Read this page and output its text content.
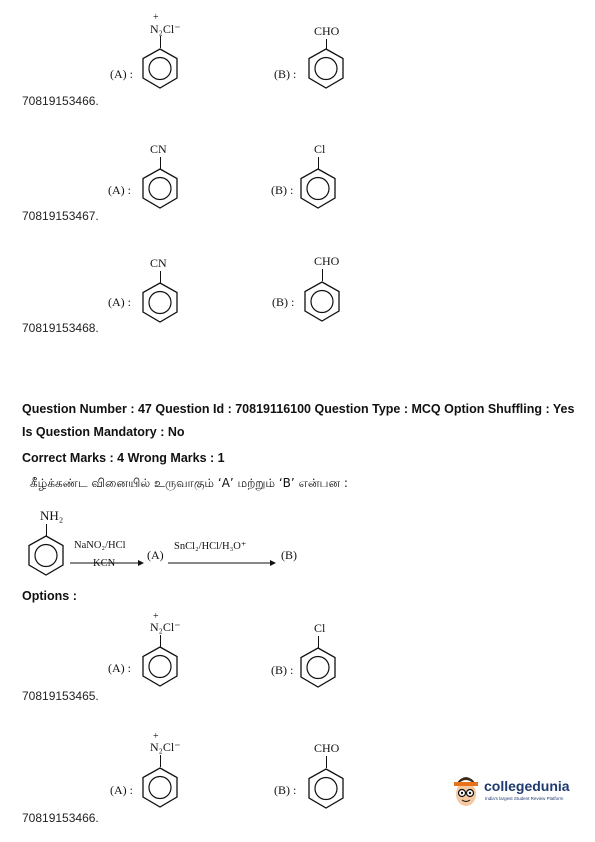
+
N₂Cl⁻
(A) :
CHO
(B) :
70819153466.
CN
(A) :
Cl
(B) :
70819153467.
CN
(A) :
CHO
(B) :
70819153468.
Question Number : 47 Question Id : 70819116100 Question Type : MCQ Option Shuffling : Yes
Is Question Mandatory : No
Correct Marks : 4 Wrong Marks : 1
கீழ்க்கண்ட வினையில் உருவாகும் ‘A’ மற்றும் ‘B’ என்பன :
NH₂
NaNO₂/HCl
KCN
(A)
SnCl₂/HCl/H₃O⁺
(B)
Options :
+
N₂Cl⁻
(A) :
Cl
(B) :
70819153465.
+
N₂Cl⁻
(A) :
CHO
(B) :
70819153466.
collegedunia
India's largest Student Review Platform
